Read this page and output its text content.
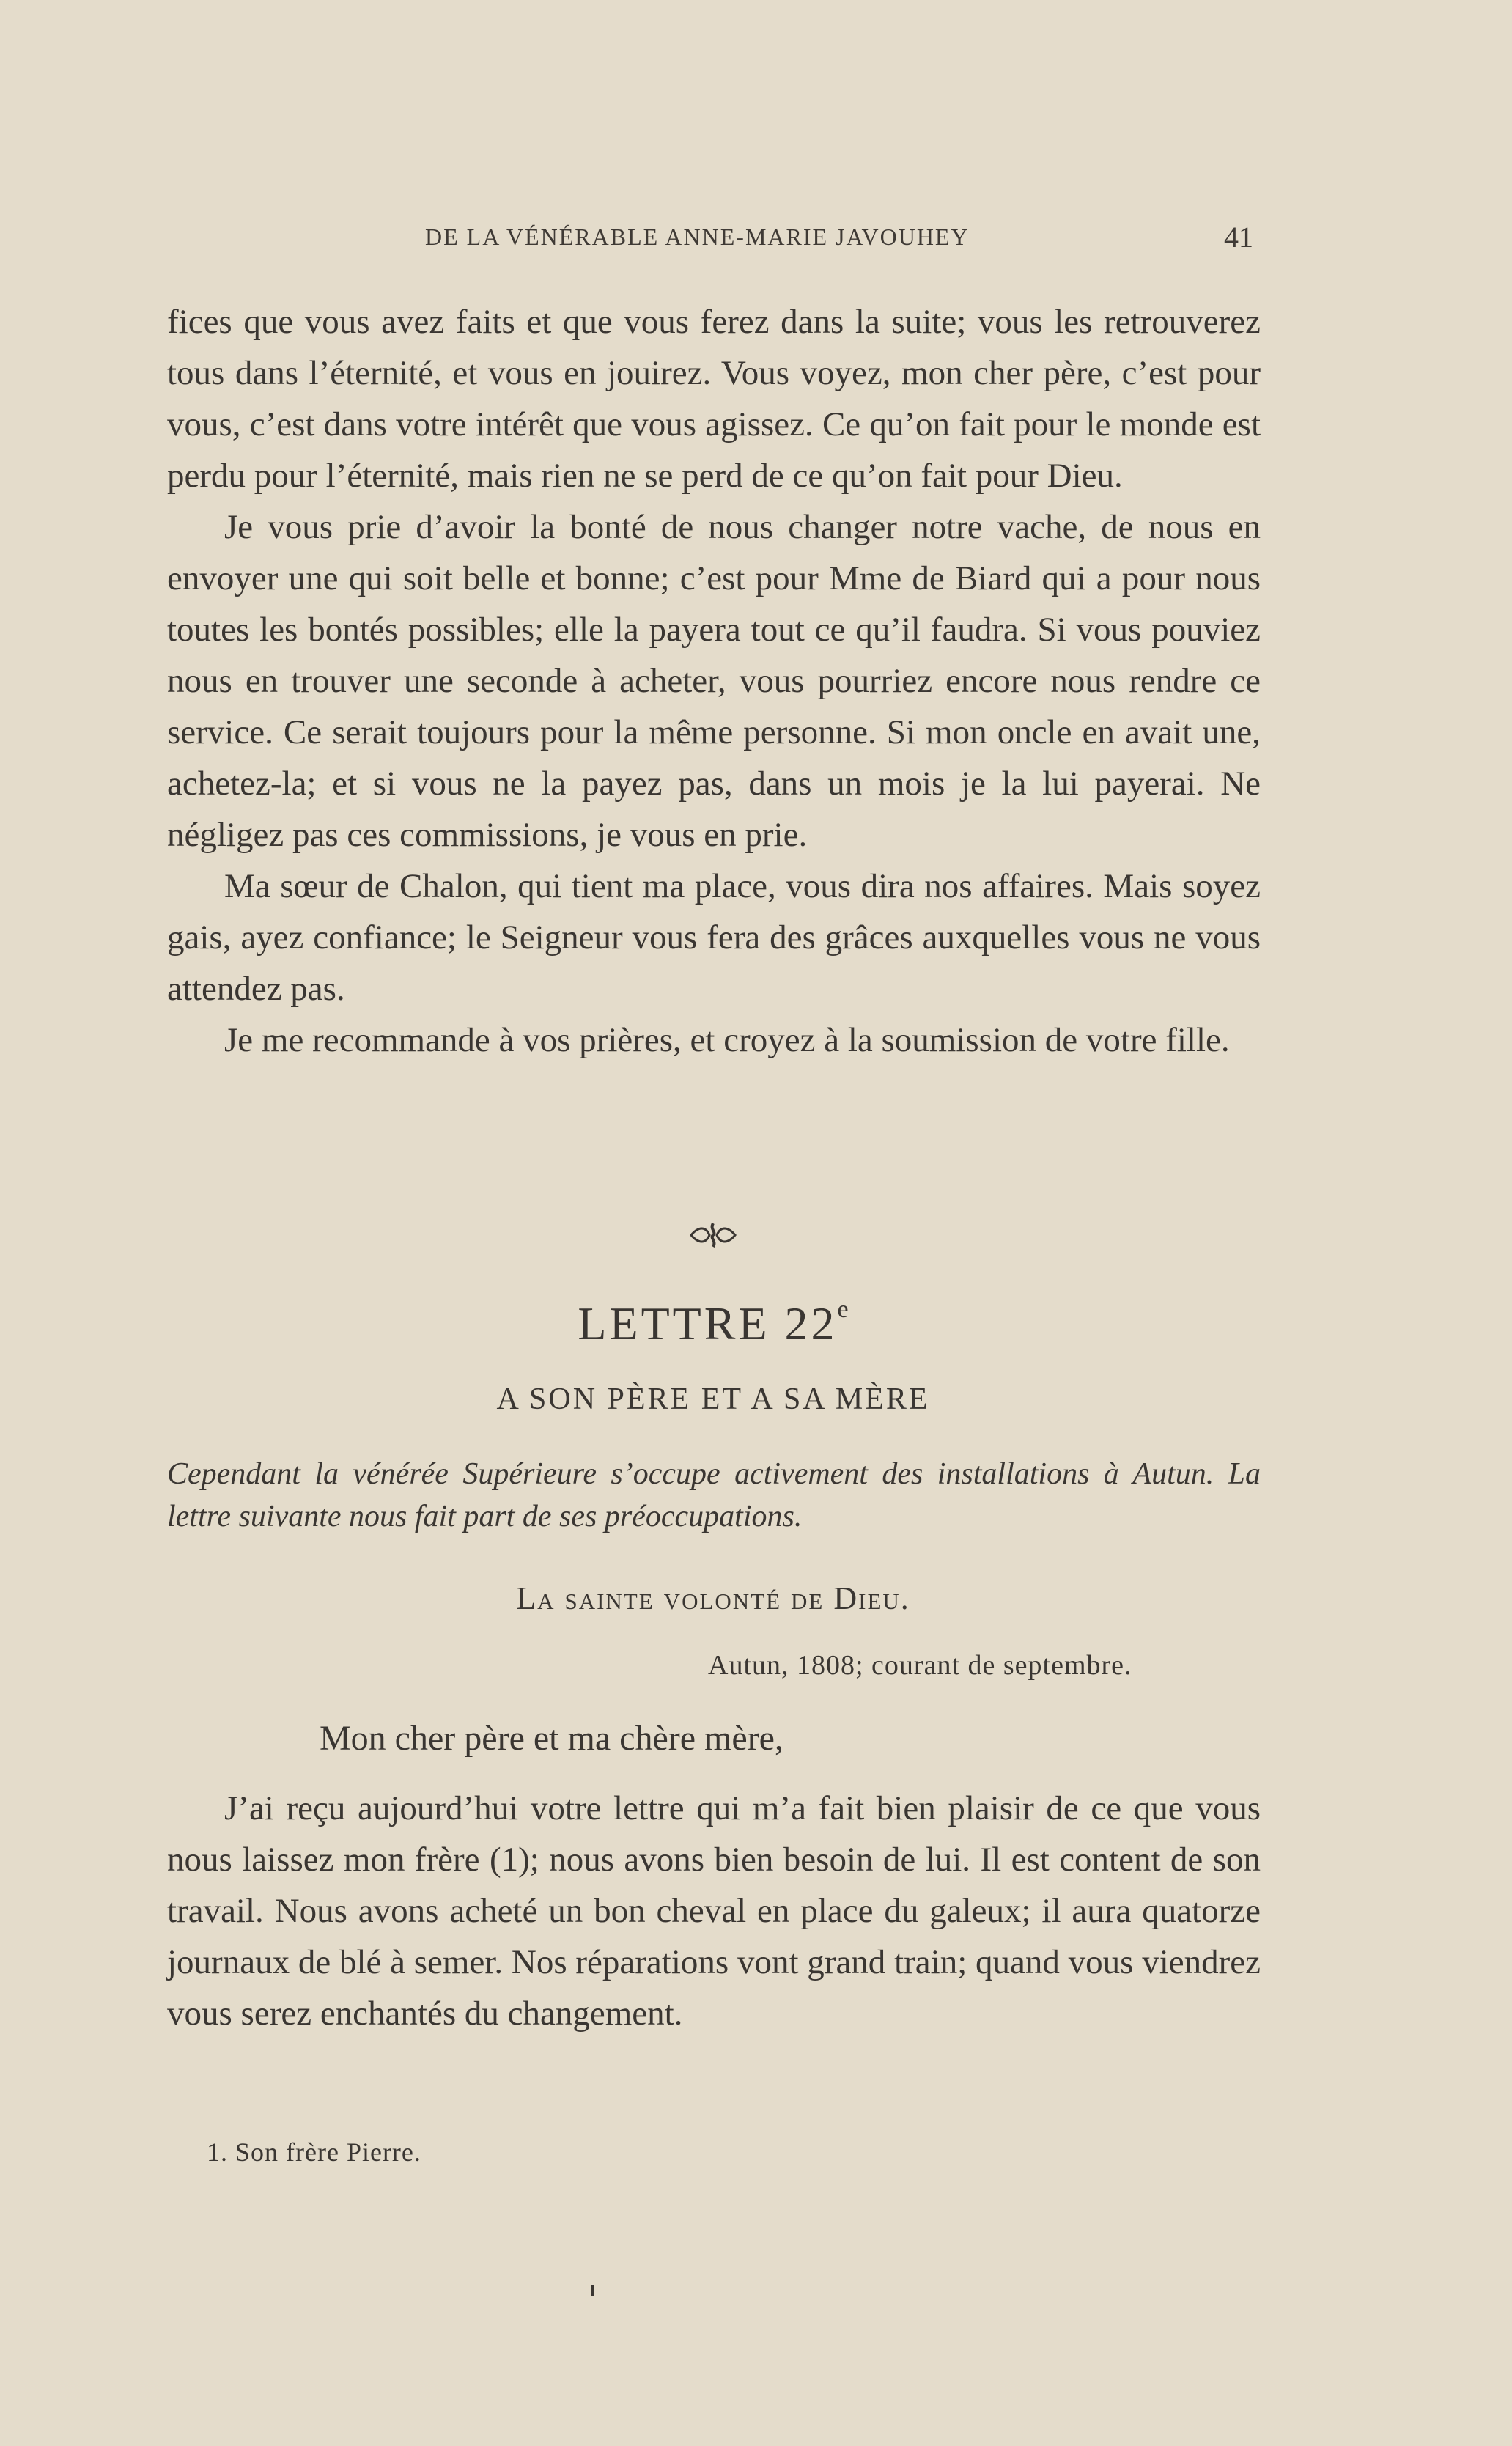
DE LA VÉNÉRABLE ANNE-MARIE JAVOUHEY	41

fices que vous avez faits et que vous ferez dans la suite; vous les retrouverez tous dans l’éternité, et vous en jouirez. Vous voyez, mon cher père, c’est pour vous, c’est dans votre intérêt que vous agissez. Ce qu’on fait pour le monde est perdu pour l’éternité, mais rien ne se perd de ce qu’on fait pour Dieu.

Je vous prie d’avoir la bonté de nous changer notre vache, de nous en envoyer une qui soit belle et bonne; c’est pour Mme de Biard qui a pour nous toutes les bontés possibles; elle la payera tout ce qu’il faudra. Si vous pouviez nous en trouver une seconde à acheter, vous pourriez encore nous rendre ce service. Ce serait toujours pour la même personne. Si mon oncle en avait une, achetez-la; et si vous ne la payez pas, dans un mois je la lui payerai. Ne négligez pas ces commissions, je vous en prie.

Ma sœur de Chalon, qui tient ma place, vous dira nos affaires. Mais soyez gais, ayez confiance; le Seigneur vous fera des grâces auxquelles vous ne vous attendez pas.

Je me recommande à vos prières, et croyez à la soumission de votre fille.

LETTRE 22e
A SON PÈRE ET A SA MÈRE
Cependant la vénérée Supérieure s’occupe activement des installations à Autun. La lettre suivante nous fait part de ses préoccupations.
La sainte volonté de Dieu.
Autun, 1808; courant de septembre.
Mon cher père et ma chère mère,

J’ai reçu aujourd’hui votre lettre qui m’a fait bien plaisir de ce que vous nous laissez mon frère (1); nous avons bien besoin de lui. Il est content de son travail. Nous avons acheté un bon cheval en place du galeux; il aura quatorze journaux de blé à semer. Nos réparations vont grand train; quand vous viendrez vous serez enchantés du changement.

1. Son frère Pierre.
